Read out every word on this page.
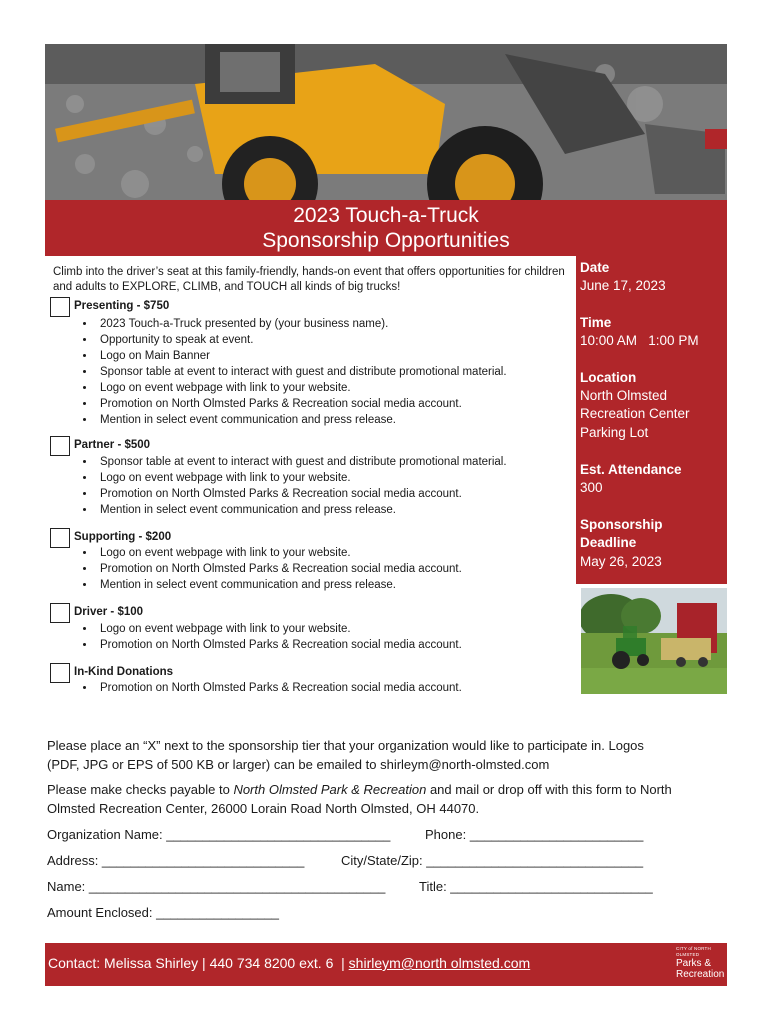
2023 Touch-a-Truck
Sponsorship Opportunities
Date
June 17, 2023
Time
10:00 AM   1:00 PM
Location
North Olmsted
Recreation Center
Parking Lot
Est. Attendance
300
Sponsorship
Deadline
May 26, 2023
Climb into the driver’s seat at this family-friendly, hands-on event that offers opportunities for children and adults to EXPLORE, CLIMB, and TOUCH all kinds of big trucks!
Presenting - $750
• 2023 Touch-a-Truck presented by (your business name).
• Opportunity to speak at event.
• Logo on Main Banner
• Sponsor table at event to interact with guest and distribute promotional material.
• Logo on event webpage with link to your website.
• Promotion on North Olmsted Parks & Recreation social media account.
• Mention in select event communication and press release.
Partner - $500
• Sponsor table at event to interact with guest and distribute promotional material.
• Logo on event webpage with link to your website.
• Promotion on North Olmsted Parks & Recreation social media account.
• Mention in select event communication and press release.
Supporting - $200
• Logo on event webpage with link to your website.
• Promotion on North Olmsted Parks & Recreation social media account.
• Mention in select event communication and press release.
Driver - $100
• Logo on event webpage with link to your website.
• Promotion on North Olmsted Parks & Recreation social media account.
In-Kind Donations
• Promotion on North Olmsted Parks & Recreation social media account.
Please place an “X” next to the sponsorship tier that your organization would like to participate in. Logos
(PDF, JPG or EPS of 500 KB or larger) can be emailed to shirleym@north-olmsted.com
Please make checks payable to North Olmsted Park & Recreation and mail or drop off with this form to North
Olmsted Recreation Center, 26000 Lorain Road North Olmsted, OH 44070.
Organization Name: _______________________________	Phone: ________________________
Address: ____________________________	City/State/Zip: ______________________________
Name: _________________________________________	Title: ____________________________
Amount Enclosed: _________________
Contact: Melissa Shirley | 440 734 8200 ext. 6  | shirleym@north olmsted.com
CITY of NORTH OLMSTED
Parks &
Recreation
